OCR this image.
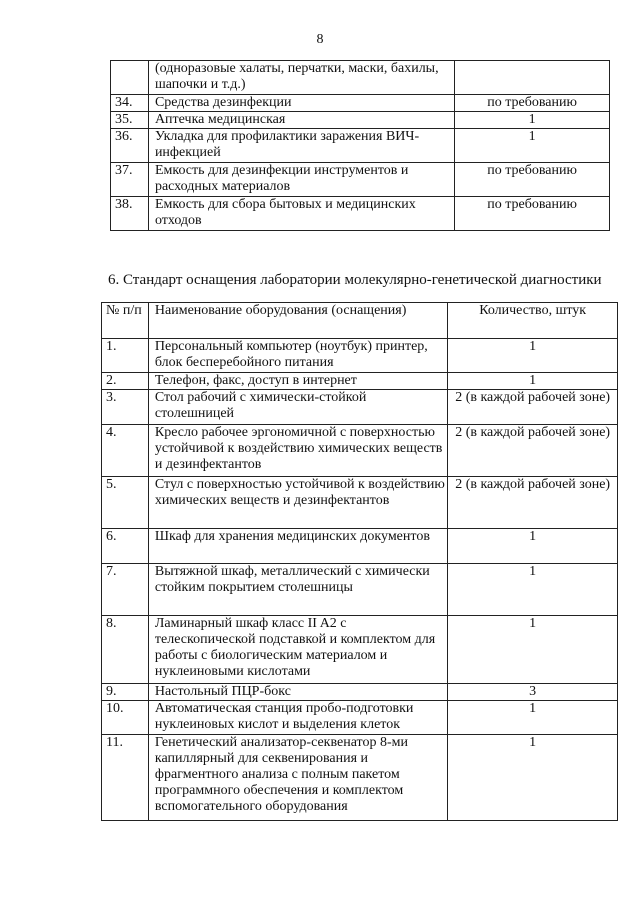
8
	(одноразовые халаты, перчатки, маски, бахилы, шапочки и т.д.)	
34.	Средства дезинфекции	по требованию
35.	Аптечка медицинская	1
36.	Укладка для профилактики заражения ВИЧ-инфекцией	1
37.	Емкость для дезинфекции инструментов и расходных материалов	по требованию
38.	Емкость для сбора бытовых и медицинских отходов	по требованию
6. Стандарт оснащения лаборатории молекулярно-генетической диагностики
№ п/п	Наименование оборудования (оснащения)	Количество, штук
1.	Персональный компьютер (ноутбук) принтер, блок бесперебойного питания	1
2.	Телефон, факс, доступ в интернет	1
3.	Стол рабочий с химически-стойкой столешницей	2 (в каждой рабочей зоне)
4.	Кресло рабочее эргономичной с поверхностью устойчивой к воздействию химических веществ и дезинфектантов	2 (в каждой рабочей зоне)
5.	Стул с поверхностью устойчивой к воздействию химических веществ и дезинфектантов	2 (в каждой рабочей зоне)
6.	Шкаф для хранения медицинских документов	1
7.	Вытяжной шкаф, металлический с химически стойким покрытием столешницы	1
8.	Ламинарный шкаф класс II A2 с телескопической подставкой и комплектом для работы с биологическим материалом и нуклеиновыми кислотами	1
9.	Настольный ПЦР-бокс	3
10.	Автоматическая станция пробо-подготовки нуклеиновых кислот и выделения клеток	1
11.	Генетический анализатор-секвенатор 8-ми капиллярный для секвенирования и фрагментного анализа с полным пакетом программного обеспечения и комплектом вспомогательного оборудования	1
